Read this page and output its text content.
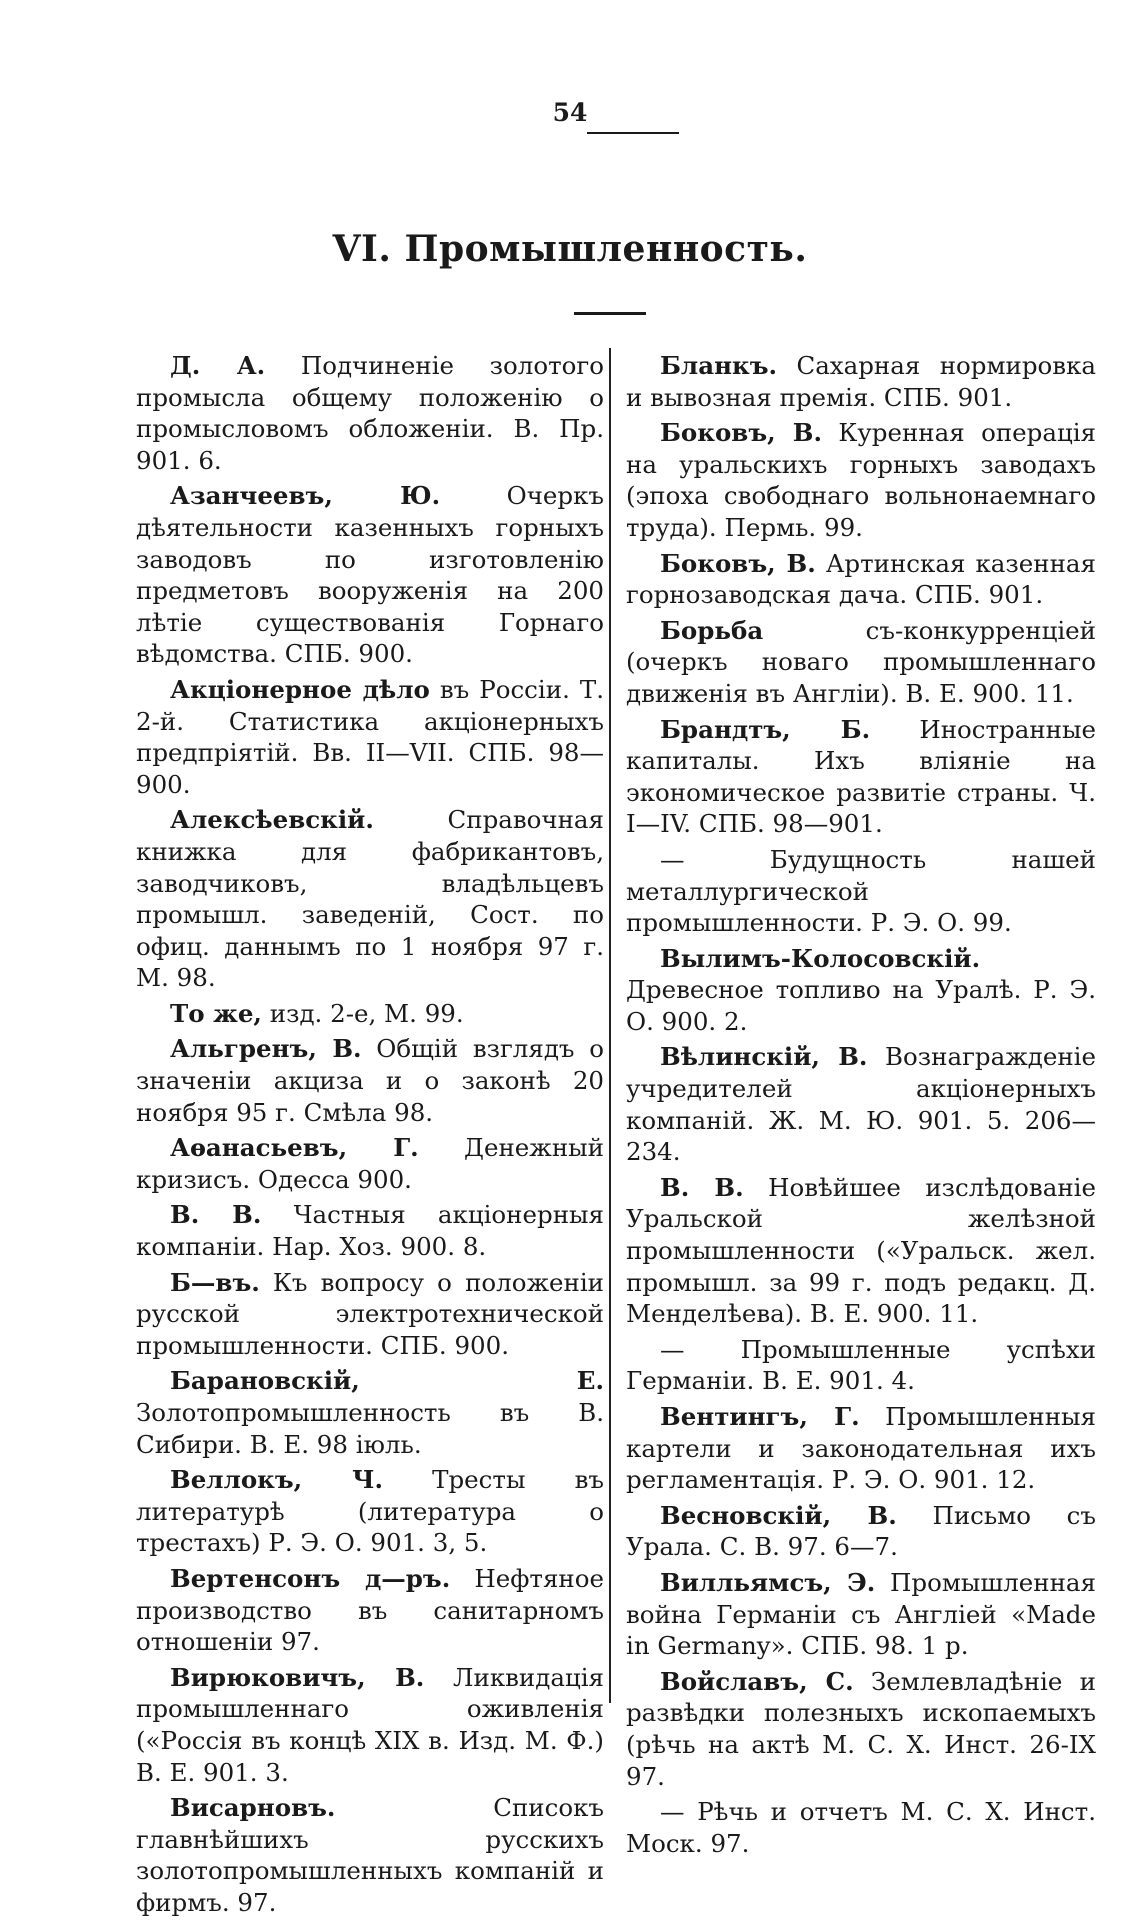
54
VI. Промышленность.

Д. А. Подчиненіе золотого промысла общему положенію о промысловомъ обложеніи. В. Пр. 901. 6.

Азанчеевъ, Ю. Очеркъ дѣятельности казенныхъ горныхъ заводовъ по изготовленію предметовъ вооруженія на 200 лѣтіе существованія Горнаго вѣдомства. СПБ. 900.

Акціонерное дѣло въ Россіи. Т. 2-й. Статистика акціонерныхъ предпріятій. Вв. II—VII. СПБ. 98—900.

Алексѣевскій. Справочная книжка для фабрикантовъ, заводчиковъ, владѣльцевъ промышл. заведеній, Сост. по офиц. даннымъ по 1 ноября 97 г. М. 98.

То же, изд. 2-е, М. 99.

Альгренъ, В. Общій взглядъ о значеніи акциза и о законѣ 20 ноября 95 г. Смѣла 98.

Аѳанасьевъ, Г. Денежный кризисъ. Одесса 900.

В. В. Частныя акціонерныя компаніи. Нар. Хоз. 900. 8.

Б—въ. Къ вопросу о положеніи русской электротехнической промышленности. СПБ. 900.

Барановскій, Е. Золотопромышленность въ В. Сибири. В. Е. 98 іюль.

Веллокъ, Ч. Тресты въ литературѣ (литература о трестахъ) Р. Э. О. 901. 3, 5.

Вертенсонъ д—ръ. Нефтяное производство въ санитарномъ отношеніи 97.

Вирюковичъ, В. Ликвидація промышленнаго оживленія («Россія въ концѣ XIX в. Изд. М. Ф.) В. Е. 901. 3.

Висарновъ. Списокъ главнѣйшихъ русскихъ золотопромышленныхъ компаній и фирмъ. 97.

Бланкъ. Сахарная нормировка и вывозная премія. СПБ. 901.

Боковъ, В. Куренная операція на уральскихъ горныхъ заводахъ (эпоха свободнаго вольнонаемнаго труда). Пермь. 99.

Боковъ, В. Артинская казенная горнозаводская дача. СПБ. 901.

Борьба съ-конкурренціей (очеркъ новаго промышленнаго движенія въ Англіи). В. Е. 900. 11.

Брандтъ, Б. Иностранные капиталы. Ихъ вліяніе на экономическое развитіе страны. Ч. I—IV. СПБ. 98—901.

— Будущность нашей металлургической промышленности. Р. Э. О. 99.

Вылимъ-Колосовскій. Древесное топливо на Уралѣ. Р. Э. О. 900. 2.

Вѣлинскій, В. Вознагражденіе учредителей акціонерныхъ компаній. Ж. М. Ю. 901. 5. 206—234.

В. В. Новѣйшее изслѣдованіе Уральской желѣзной промышленности («Уральск. жел. промышл. за 99 г. подъ редакц. Д. Менделѣева). В. Е. 900. 11.

— Промышленные успѣхи Германіи. В. Е. 901. 4.

Вентингъ, Г. Промышленныя картели и законодательная ихъ регламентація. Р. Э. О. 901. 12.

Весновскій, В. Письмо съ Урала. С. В. 97. 6—7.

Вилльямсъ, Э. Промышленная война Германіи съ Англіей «Made in Germany». СПБ. 98. 1 р.

Войславъ, С. Землевладѣніе и развѣдки полезныхъ ископаемыхъ (рѣчь на актѣ М. С. Х. Инст. 26-IX 97.

— Рѣчь и отчетъ М. С. Х. Инст. Моск. 97.
